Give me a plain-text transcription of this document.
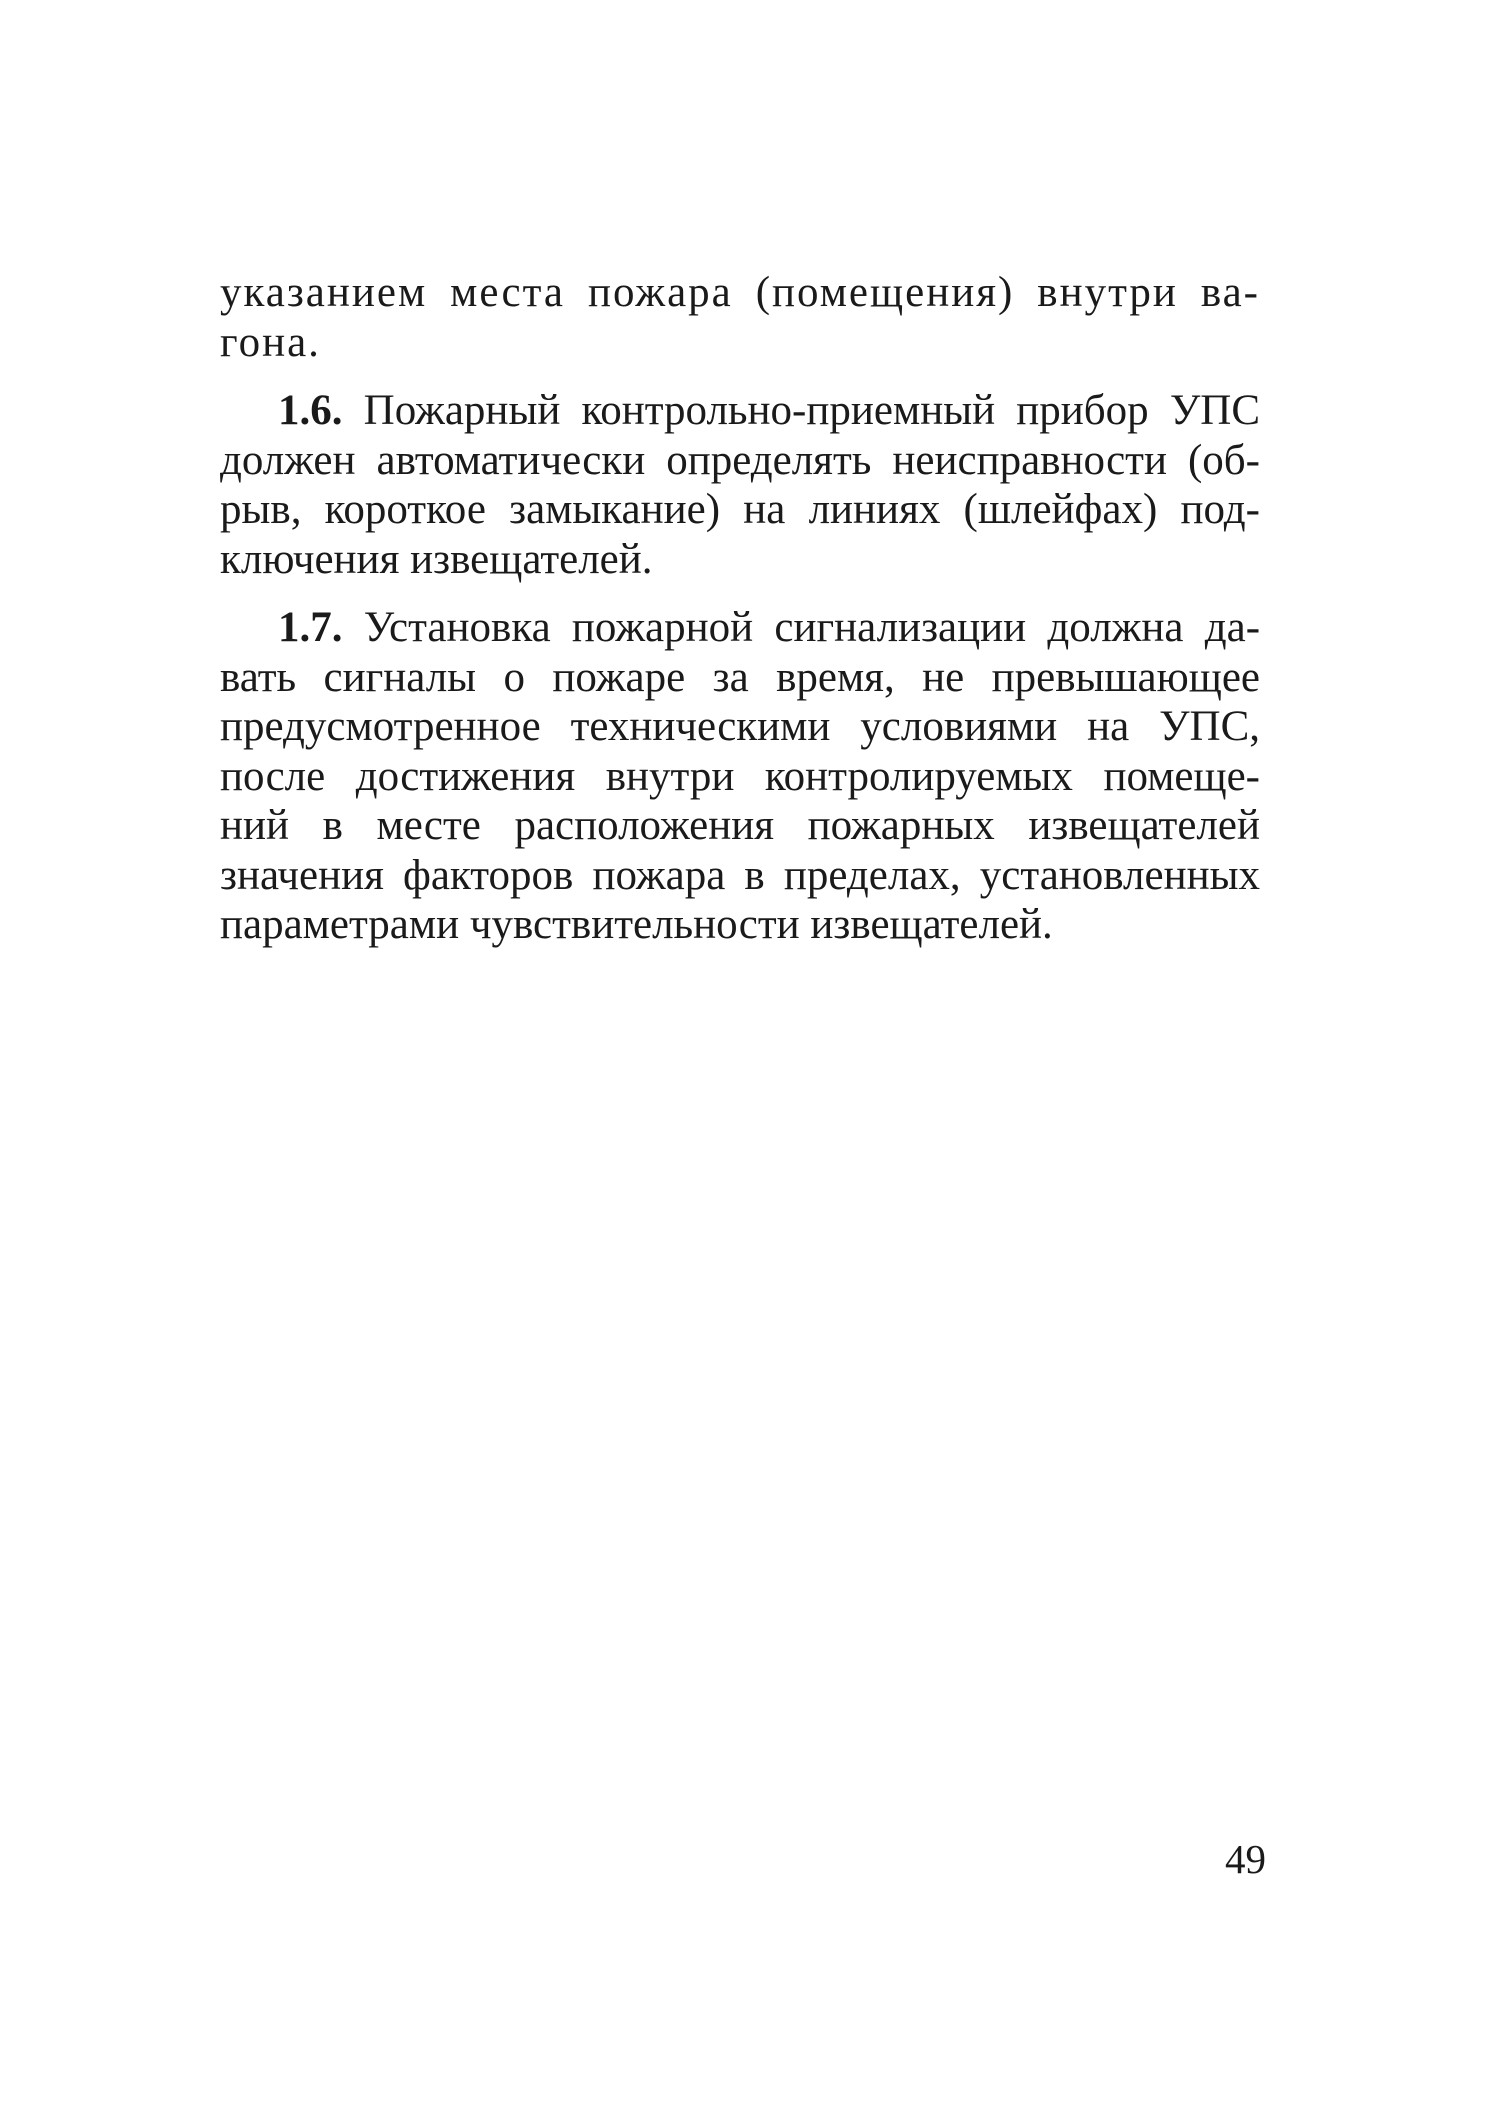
указанием места пожара (помещения) внутри ва-
гона.
1.6. Пожарный контрольно-приемный прибор УПС
должен автоматически определять неисправности (об-
рыв, короткое замыкание) на линиях (шлейфах) под-
ключения извещателей.
1.7. Установка пожарной сигнализации должна да-
вать сигналы о пожаре за время, не превышающее
предусмотренное техническими условиями на УПС,
после достижения внутри контролируемых помеще-
ний в месте расположения пожарных извещателей
значения факторов пожара в пределах, установленных
параметрами чувствительности извещателей.
49
